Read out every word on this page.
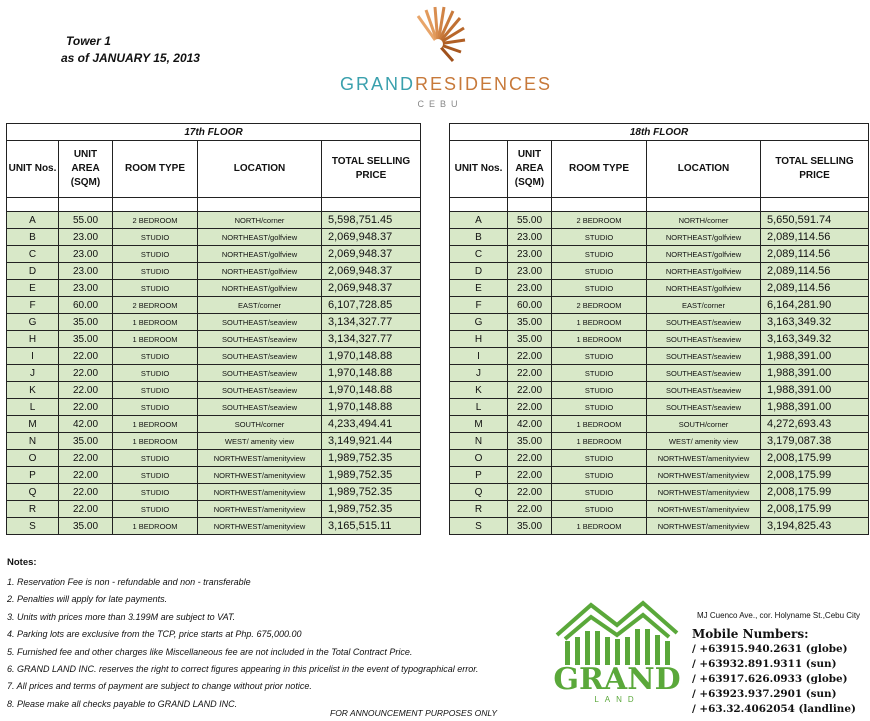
Tower 1
as of JANUARY 15, 2013
GRANDRESIDENCES
CEBU
17th FLOOR				
UNIT Nos.	UNIT AREA (SQM)	ROOM TYPE	LOCATION	TOTAL SELLING PRICE

A	55.00	2 BEDROOM	NORTH/corner	5,598,751.45
B	23.00	STUDIO	NORTHEAST/golfview	2,069,948.37
C	23.00	STUDIO	NORTHEAST/golfview	2,069,948.37
D	23.00	STUDIO	NORTHEAST/golfview	2,069,948.37
E	23.00	STUDIO	NORTHEAST/golfview	2,069,948.37
F	60.00	2 BEDROOM	EAST/corner	6,107,728.85
G	35.00	1 BEDROOM	SOUTHEAST/seaview	3,134,327.77
H	35.00	1 BEDROOM	SOUTHEAST/seaview	3,134,327.77
I	22.00	STUDIO	SOUTHEAST/seaview	1,970,148.88
J	22.00	STUDIO	SOUTHEAST/seaview	1,970,148.88
K	22.00	STUDIO	SOUTHEAST/seaview	1,970,148.88
L	22.00	STUDIO	SOUTHEAST/seaview	1,970,148.88
M	42.00	1 BEDROOM	SOUTH/corner	4,233,494.41
N	35.00	1 BEDROOM	WEST/ amenity view	3,149,921.44
O	22.00	STUDIO	NORTHWEST/amenityview	1,989,752.35
P	22.00	STUDIO	NORTHWEST/amenityview	1,989,752.35
Q	22.00	STUDIO	NORTHWEST/amenityview	1,989,752.35
R	22.00	STUDIO	NORTHWEST/amenityview	1,989,752.35
S	35.00	1 BEDROOM	NORTHWEST/amenityview	3,165,515.11
18th FLOOR				
UNIT Nos.	UNIT AREA (SQM)	ROOM TYPE	LOCATION	TOTAL SELLING PRICE

A	55.00	2 BEDROOM	NORTH/corner	5,650,591.74
B	23.00	STUDIO	NORTHEAST/golfview	2,089,114.56
C	23.00	STUDIO	NORTHEAST/golfview	2,089,114.56
D	23.00	STUDIO	NORTHEAST/golfview	2,089,114.56
E	23.00	STUDIO	NORTHEAST/golfview	2,089,114.56
F	60.00	2 BEDROOM	EAST/corner	6,164,281.90
G	35.00	1 BEDROOM	SOUTHEAST/seaview	3,163,349.32
H	35.00	1 BEDROOM	SOUTHEAST/seaview	3,163,349.32
I	22.00	STUDIO	SOUTHEAST/seaview	1,988,391.00
J	22.00	STUDIO	SOUTHEAST/seaview	1,988,391.00
K	22.00	STUDIO	SOUTHEAST/seaview	1,988,391.00
L	22.00	STUDIO	SOUTHEAST/seaview	1,988,391.00
M	42.00	1 BEDROOM	SOUTH/corner	4,272,693.43
N	35.00	1 BEDROOM	WEST/ amenity view	3,179,087.38
O	22.00	STUDIO	NORTHWEST/amenityview	2,008,175.99
P	22.00	STUDIO	NORTHWEST/amenityview	2,008,175.99
Q	22.00	STUDIO	NORTHWEST/amenityview	2,008,175.99
R	22.00	STUDIO	NORTHWEST/amenityview	2,008,175.99
S	35.00	1 BEDROOM	NORTHWEST/amenityview	3,194,825.43
Notes:
1. Reservation Fee is non - refundable and non - transferable
2. Penalties will apply for late payments.
3. Units with prices more than 3.199M are subject to VAT.
4. Parking lots are exclusive from the TCP, price starts at Php. 675,000.00
5. Furnished fee and other charges like Miscellaneous fee are not included in the Total Contract Price.
6. GRAND LAND INC. reserves the right to correct figures appearing in this pricelist in the event of typographical error.
7. All prices and terms of payment are subject to change without prior notice.
8. Please make all checks payable to GRAND LAND INC.
FOR ANNOUNCEMENT PURPOSES ONLY
GRAND
LAND
MJ Cuenco Ave., cor. Holyname St.,Cebu City
Mobile Numbers:
/ +63915.940.2631 (globe)
/ +63932.891.9311 (sun)
/ +63917.626.0933 (globe)
/ +63923.937.2901 (sun)
/ +63.32.4062054 (landline)
